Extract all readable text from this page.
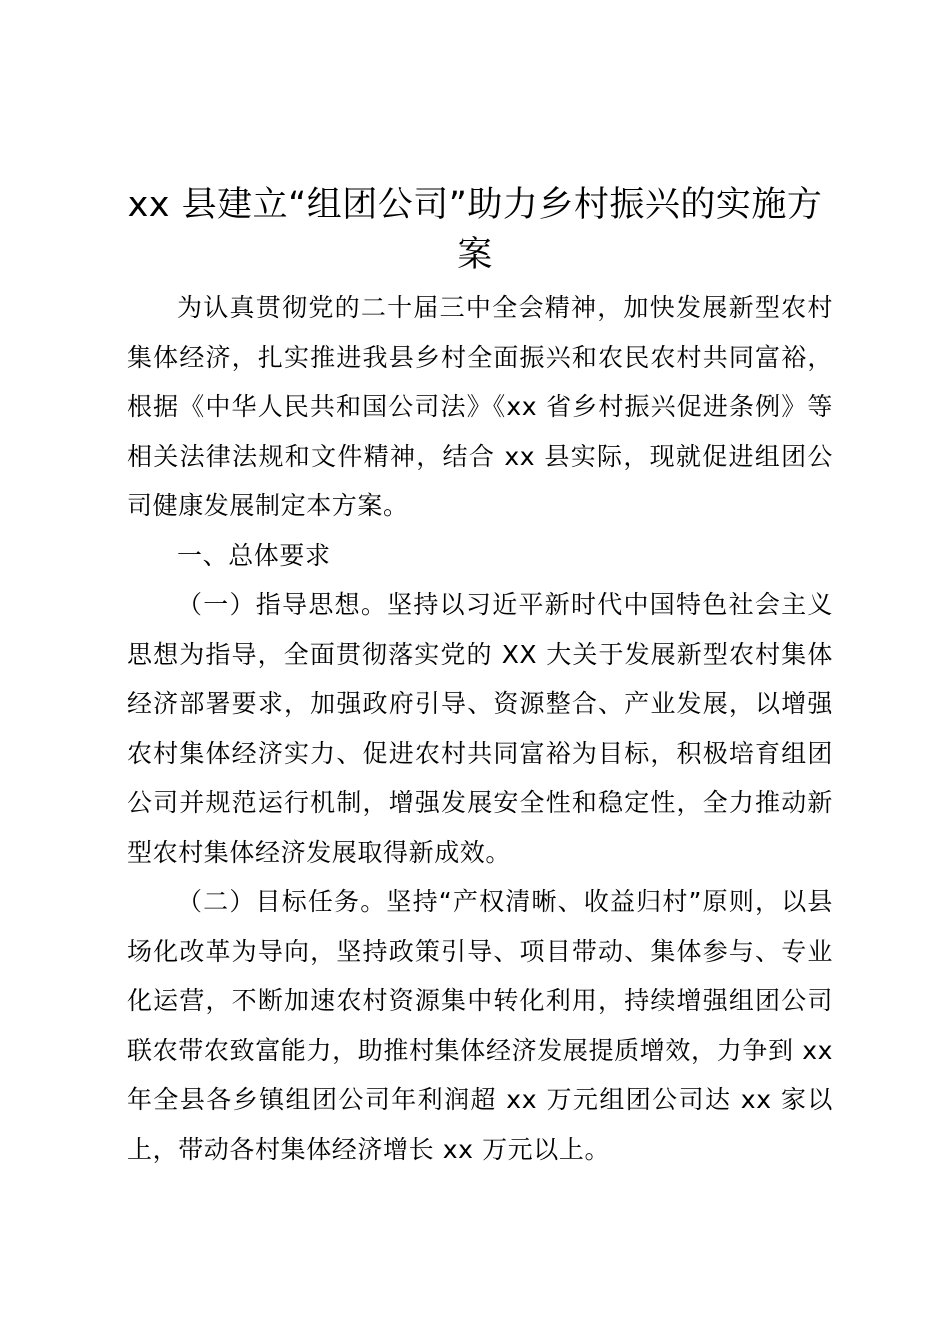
xx 县建立“组团公司”助力乡村振兴的实施方案

为认真贯彻党的二十届三中全会精神，加快发展新型农村集体经济，扎实推进我县乡村全面振兴和农民农村共同富裕，根据《中华人民共和国公司法》《xx 省乡村振兴促进条例》等相关法律法规和文件精神，结合 xx 县实际，现就促进组团公司健康发展制定本方案。

一、总体要求

（一）指导思想。坚持以习近平新时代中国特色社会主义思想为指导，全面贯彻落实党的 XX 大关于发展新型农村集体经济部署要求，加强政府引导、资源整合、产业发展，以增强农村集体经济实力、促进农村共同富裕为目标，积极培育组团公司并规范运行机制，增强发展安全性和稳定性，全力推动新型农村集体经济发展取得新成效。

（二）目标任务。坚持“产权清晰、收益归村”原则，以县场化改革为导向，坚持政策引导、项目带动、集体参与、专业化运营，不断加速农村资源集中转化利用，持续增强组团公司联农带农致富能力，助推村集体经济发展提质增效，力争到 xx 年全县各乡镇组团公司年利润超 xx 万元组团公司达 xx 家以上，带动各村集体经济增长 xx 万元以上。
